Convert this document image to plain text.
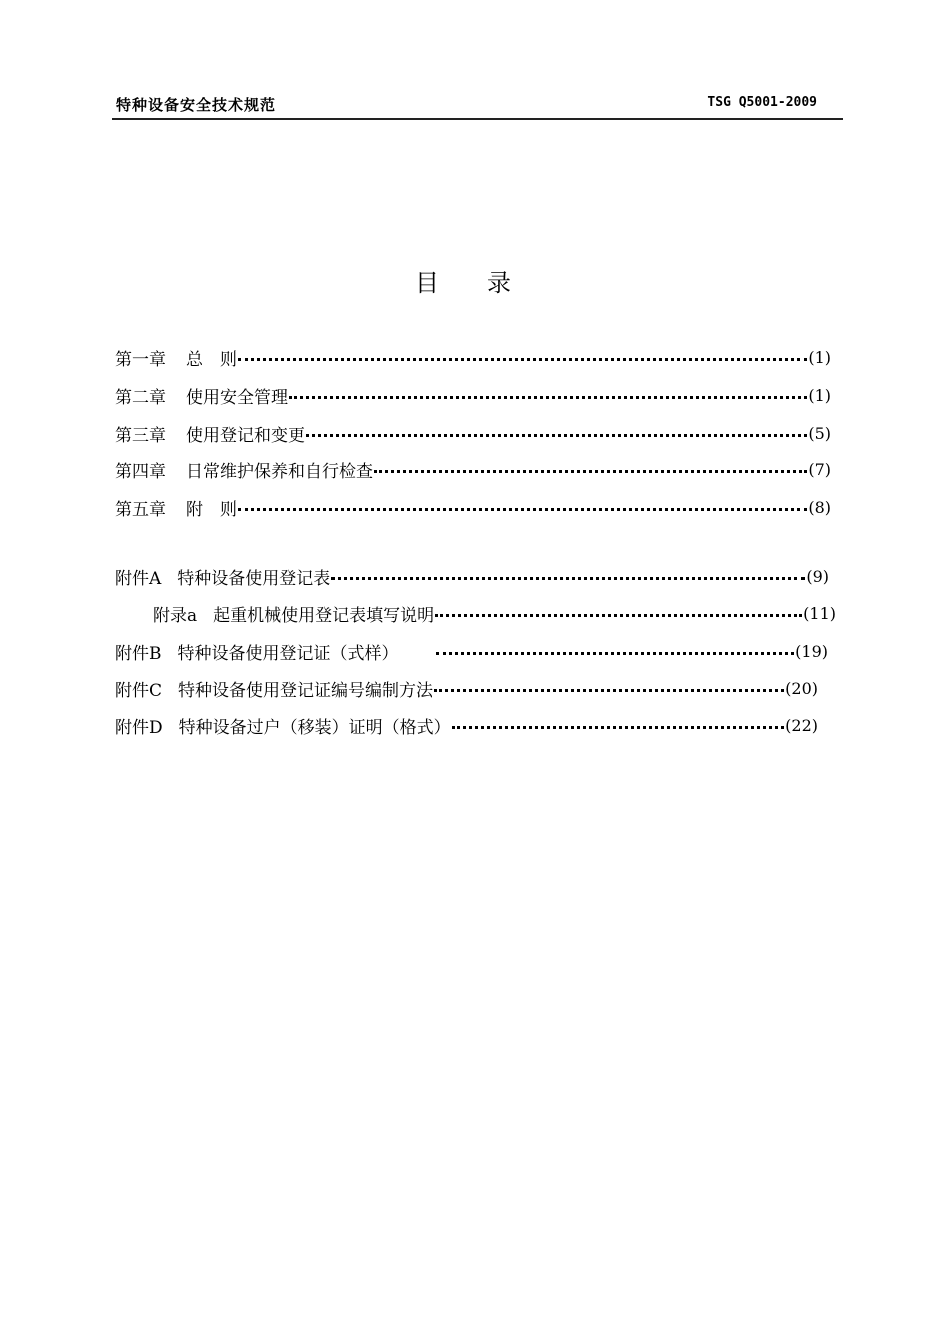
特种设备安全技术规范	TSG Q5001-2009
目录
第一章 总　则	(1)
第二章 使用安全管理	(1)
第三章 使用登记和变更	(5)
第四章 日常维护保养和自行检查	(7)
第五章 附　则	(8)
附件A 特种设备使用登记表	(9)
附录a 起重机械使用登记表填写说明	(11)
附件B 特种设备使用登记证（式样）	(19)
附件C 特种设备使用登记证编号编制方法	(20)
附件D 特种设备过户（移装）证明（格式）	(22)
